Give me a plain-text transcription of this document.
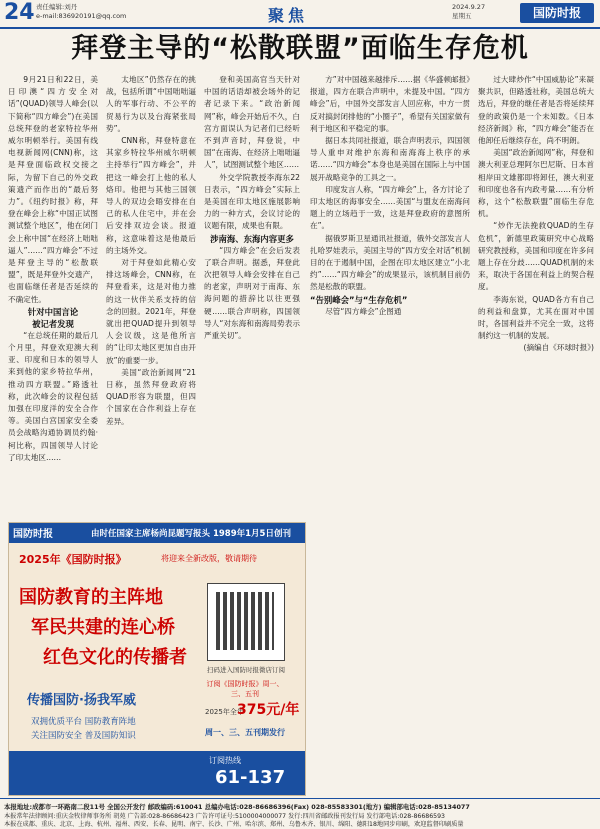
24 责任编辑:刘丹
e-mail:836920191@qq.com	聚焦	2024.9.27
星期五	国防时报
拜登主导的“松散联盟”面临生存危机

9月21日和22日，美日印澳“四方安全对话”(QUAD)领导人峰会(以下简称“四方峰会”)在美国总统拜登的老家特拉华州威尔明顿举行。美国有线电视新闻网(CNN)称，这是拜登面临政权交接之际，为留下自己的外交政策遗产而作出的“最后努力”。《纽约时报》称，拜登在峰会上称“中国正试图测试整个地区”，他在闭门会上称中国“在经济上咄咄逼人”……“四方峰会”不过是拜登主导的“松散联盟”，既是拜登外交遗产，也面临继任者是否延续的不确定性。

针对中国言论
被记者发现

“在总统任期的最后几个月里，拜登欢迎澳大利亚、印度和日本的领导人来到他的家乡特拉华州，推动四方联盟。”路透社称，此次峰会的议程包括加强在印度洋的安全合作等。美国白宫国家安全委员会战略沟通协调员约翰·柯比称，四国领导人讨论了印太地区……

太地区”仍然存在的挑战，包括所谓“中国咄咄逼人的军事行动、不公平的贸易行为以及台海紧张局势”。

CNN称，拜登特意在其家乡特拉华州威尔明顿主持举行“四方峰会”，并把这一峰会打上他的私人烙印。他把与其他三国领导人的双边会晤安排在自己的私人住宅中，并在会后安排双边会谈。报道称，这意味着这是他最后的主场外交。

对于拜登如此精心安排这场峰会，CNN称，在拜登看来，这是对他力推的这一伙伴关系支持的信念的回报。2021年，拜登就出把QUAD提升到领导人会议级，这是他所言的“让印太地区更加自由开放”的重要一步。

美国“政治新闻网”21日称，虽然拜登政府将QUAD形容为联盟，但四个国家在合作利益上存在差异。

登和美国高官当天针对中国的话语却被会场外的记者记录下来。“政治新闻网”称，峰会开始后不久，白宫方面误认为记者们已经听不到声音时，拜登说，中国“在南海、在经济上咄咄逼人”，试图测试整个地区……

外交学院教授李海东22日表示，“四方峰会”实际上是美国在印太地区施展影响力的一种方式，会议讨论的议题有限，成果也有限。

涉南海、东海内容更多

“四方峰会”在会后发表了联合声明。据悉，拜登此次把领导人峰会安排在自己的老家，声明对于南海、东海问题的措辞比以往更强硬……联合声明称，四国领导人“对东海和南海局势表示严重关切”。

方”对中国越来越排斥……据《华盛顿邮报》报道，四方在联合声明中，未提及中国。“四方峰会”后，中国外交部发言人回应称，中方一贯反对搞封闭排他的“小圈子”，希望有关国家做有利于地区和平稳定的事。

据日本共同社报道，联合声明表示，四国领导人重申对维护东海和南海海上秩序的承诺……“四方峰会”本身也是美国在国际上与中国展开战略竞争的工具之一。

印度发言人称，“四方峰会”上，各方讨论了印太地区的海事安全……美国“与盟友在南海问题上的立场趋于一致，这是拜登政府的意图所在”。

据俄罗斯卫星通讯社报道，俄外交部发言人扎哈罗娃表示，美国主导的“四方安全对话”机制目的在于遏制中国，企图在印太地区建立“小北约”……“四方峰会”的成果显示，该机制目前仍然是松散的联盟。

“告别峰会”与“生存危机”

尽管“四方峰会”企图通

过大肆炒作“中国威胁论”来凝聚共识，但路透社称，美国总统大选后，拜登的继任者是否将延续拜登的政策仍是一个未知数。《日本经济新闻》称，“四方峰会”能否在他卸任后继续存在，尚不明朗。

美国“政治新闻网”称，拜登和澳大利亚总理阿尔巴尼斯、日本首相岸田文雄都即将卸任，澳大利亚和印度也各有内政考量……有分析称，这个“松散联盟”面临生存危机。

“炒作无法挽救QUAD的生存危机”，新德里政策研究中心战略研究教授称，美国和印度在许多问题上存在分歧……QUAD机制的未来，取决于各国在利益上的契合程度。

李海东说，QUAD各方有自己的利益和盘算，尤其在面对中国时，各国利益并不完全一致，这将制约这一机制的发展。

(摘编自《环球时报》)

国防时报	由时任国家主席杨尚昆题写报头 1989年1月5日创刊
2025年《国防时报》	将迎来全新改版，敬请期待
国防教育的主阵地
军民共建的连心桥
红色文化的传播者
传播国防·扬我军威
双拥优质平台 国防教育阵地
关注国防安全 普及国防知识
扫码进入国防时报微店订阅
订阅《国防时报》周一、三、五刊
2025年全年
375元/年
周一、三、五刊期发行
订阅热线
61-137
本报地址:成都市一环路南二段11号 全国公开发行 邮政编码:610041 总编办电话:028-86686396(Fax) 028-85583301(地方) 编辑部电话:028-85134077
本报常年法律顾问:重庆金牧律师事务所 胡苑 广告部:028-86686423 广告许可证号:5100004000077 发行:四川省邮政报刊发行局 发行部电话:028-86686593
本报在成都、重庆、北京、上海、杭州、福州、西安、长春、昆明、南宁、长沙、广州、哈尔滨、郑州、乌鲁木齐、银川、绵阳、德阳18地同步印刷，欢迎监督印刷质量
